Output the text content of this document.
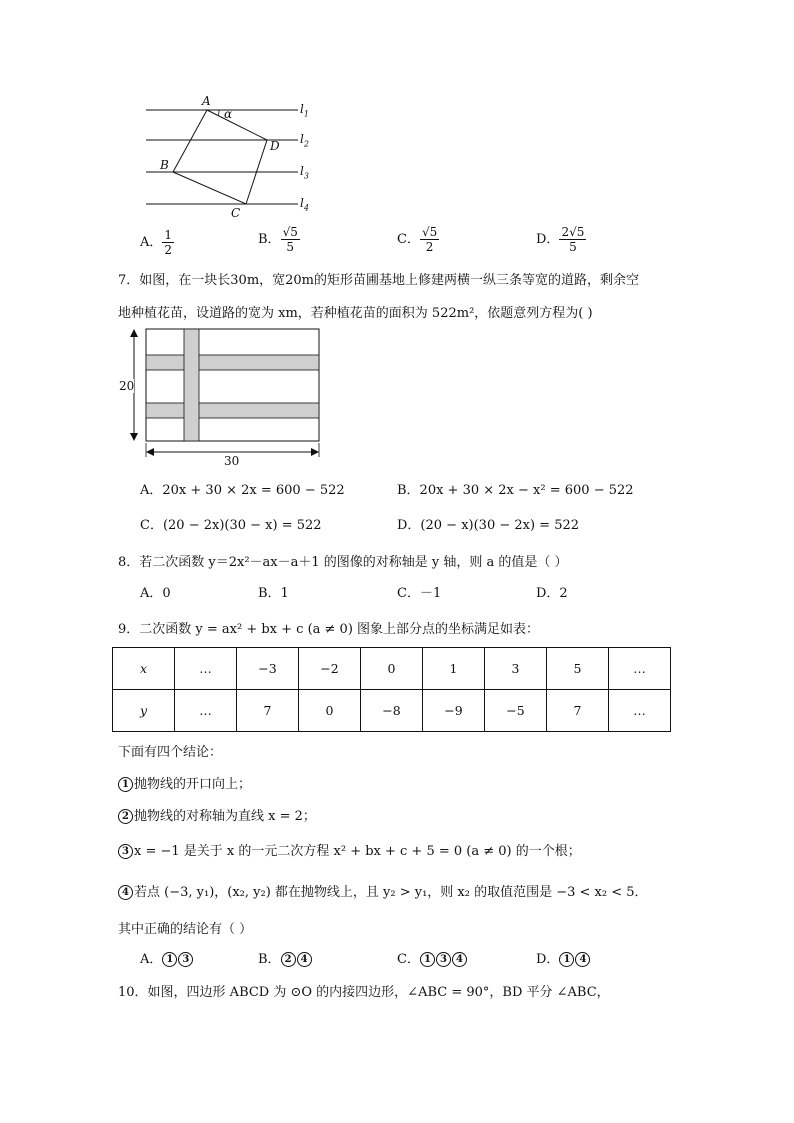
A
α
D
B
C
$l_1$
$l_2$
$l_3$
$l_4$
A． $\frac{1}{2}$	B． $\frac{√5}{5}$	C． $\frac{√5}{2}$	D． $\frac{2√5}{5}$
7．如图，在一块长30m，宽20m的矩形苗圃基地上修建两横一纵三条等宽的道路，剩余空
地种植花苗，设道路的宽为 xm，若种植花苗的面积为 522m²，依题意列方程为( )
20
30
A．20x + 30 × 2x = 600 − 522	B．20x + 30 × 2x − x² = 600 − 522
C．(20 − 2x)(30 − x) = 522	D．(20 − x)(30 − 2x) = 522
8．若二次函数 y＝2x²－ax－a＋1 的图像的对称轴是 y 轴，则 a 的值是（ ）
A．0	B．1	C．－1	D．2
9．二次函数 y = ax² + bx + c (a ≠ 0) 图象上部分点的坐标满足如表：
x	…	−3	−2	0	1	3	5	…
y	…	7	0	−8	−9	−5	7	…
下面有四个结论：
1 抛物线的开口向上；
2 抛物线的对称轴为直线 x = 2；
3 x = −1 是关于 x 的一元二次方程 x² + bx + c + 5 = 0 (a ≠ 0) 的一个根；
4 若点 (−3, y₁)，(x₂, y₂) 都在抛物线上，且 y₂ > y₁，则 x₂ 的取值范围是 −3 < x₂ < 5．
其中正确的结论有（ ）
A． 1 3	B． 2 4	C． 1 3 4	D． 1 4
10．如图，四边形 ABCD 为 ⊙O 的内接四边形，∠ABC = 90°，BD 平分 ∠ABC，
